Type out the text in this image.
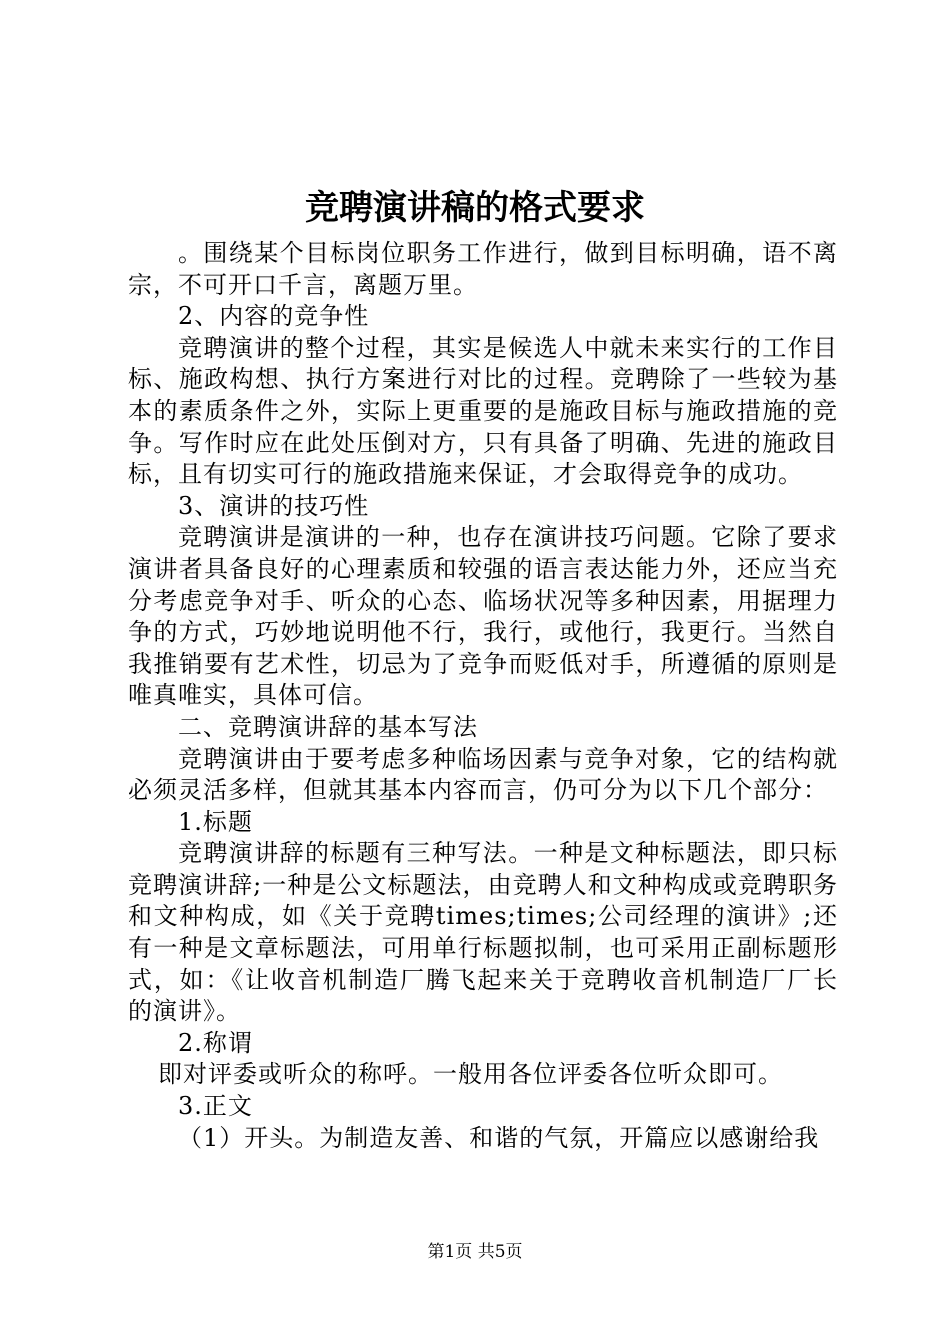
竞聘演讲稿的格式要求

。围绕某个目标岗位职务工作进行，做到目标明确，语不离宗，不可开口千言，离题万里。

2、内容的竞争性

竞聘演讲的整个过程，其实是候选人中就未来实行的工作目标、施政构想、执行方案进行对比的过程。竞聘除了一些较为基本的素质条件之外，实际上更重要的是施政目标与施政措施的竞争。写作时应在此处压倒对方，只有具备了明确、先进的施政目标，且有切实可行的施政措施来保证，才会取得竞争的成功。

3、演讲的技巧性

竞聘演讲是演讲的一种，也存在演讲技巧问题。它除了要求演讲者具备良好的心理素质和较强的语言表达能力外，还应当充分考虑竞争对手、听众的心态、临场状况等多种因素，用据理力争的方式，巧妙地说明他不行，我行，或他行，我更行。当然自我推销要有艺术性，切忌为了竞争而贬低对手，所遵循的原则是唯真唯实，具体可信。

二、竞聘演讲辞的基本写法

竞聘演讲由于要考虑多种临场因素与竞争对象，它的结构就必须灵活多样，但就其基本内容而言，仍可分为以下几个部分：

1.标题

竞聘演讲辞的标题有三种写法。一种是文种标题法，即只标竞聘演讲辞;一种是公文标题法，由竞聘人和文种构成或竞聘职务和文种构成，如《关于竞聘times;times;公司经理的演讲》;还有一种是文章标题法，可用单行标题拟制，也可采用正副标题形式，如：《让收音机制造厂腾飞起来关于竞聘收音机制造厂厂长的演讲》。

2.称谓

即对评委或听众的称呼。一般用各位评委各位听众即可。

3.正文

（1）开头。为制造友善、和谐的气氛，开篇应以感谢给我

第1页 共5页
